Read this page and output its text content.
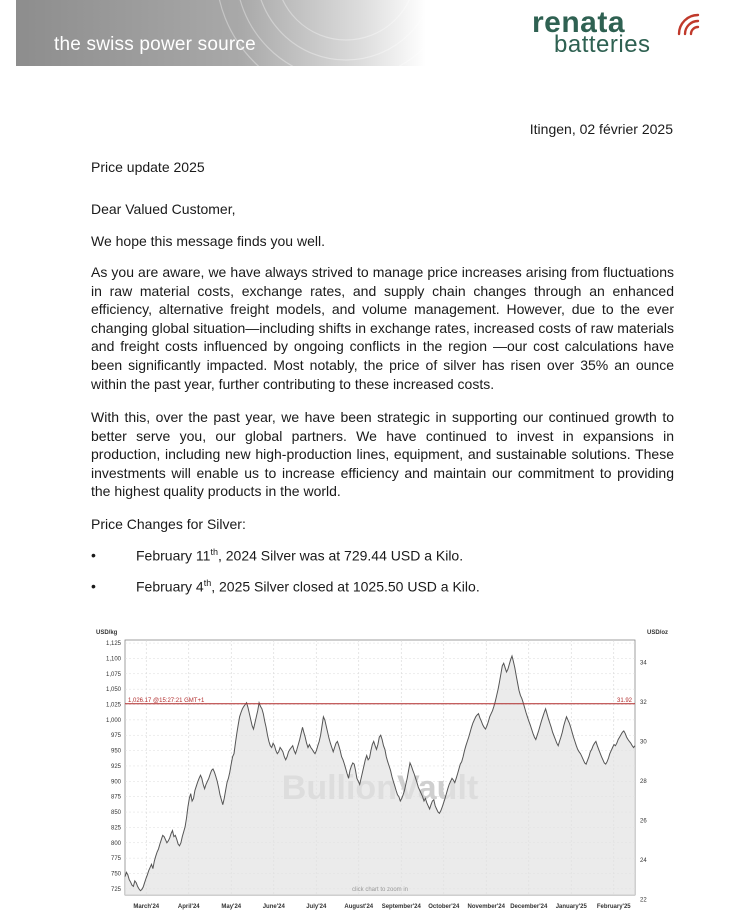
the swiss power source
renata
batteries
Itingen, 02 février 2025
Price update 2025
Dear Valued Customer,

We hope this message finds you well.

As you are aware, we have always strived to manage price increases arising from fluctuations in raw material costs, exchange rates, and supply chain changes through an enhanced efficiency, alternative freight models, and volume management. However, due to the ever changing global situation—including shifts in exchange rates, increased costs of raw materials and freight costs influenced by ongoing conflicts in the region —our cost calculations have been significantly impacted. Most notably, the price of silver has risen over 35% an ounce within the past year, further contributing to these increased costs.

With this, over the past year, we have been strategic in supporting our continued growth to better serve you, our global partners. We have continued to invest in expansions in production, including new high-production lines, equipment, and sustainable solutions. These investments will enable us to increase efficiency and maintain our commitment to providing the highest quality products in the world.

Price Changes for Silver:
•	February 11th, 2024 Silver was at 729.44 USD a Kilo.
•	February 4th, 2025 Silver closed at 1025.50 USD a Kilo.
1,125
1,100
1,075
1,050
1,025
1,000
975
950
925
900
875
850
825
800
775
750
725
34
32
30
28
26
24
22
USD/kg	USD/oz
March'24	April'24	May'24	June'24	July'24	August'24 September'24 October'24 November'24 December'24 January'25 February'25
1,026.17 @15:27:21 GMT+1	31.92
click chart to zoom in
